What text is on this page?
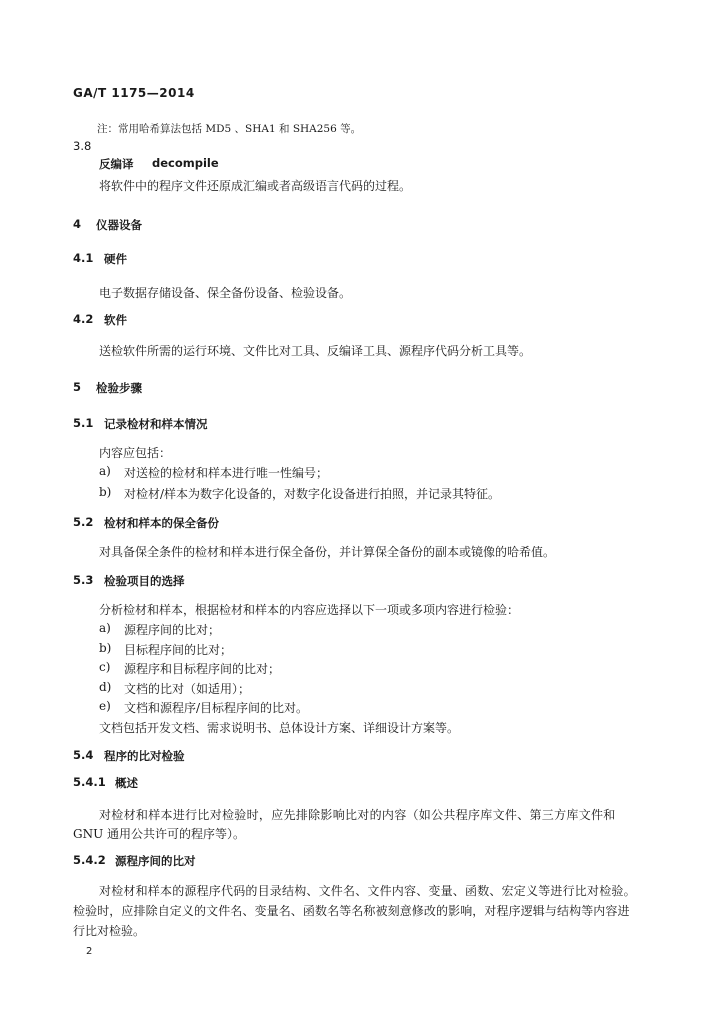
GA/T 1175—2014
注：常用哈希算法包括 MD5 、SHA1 和 SHA256 等。
3.8
反编译 decompile
将软件中的程序文件还原成汇编或者高级语言代码的过程。
4 仪器设备
4.1 硬件
电子数据存储设备、保全备份设备、检验设备。
4.2 软件
送检软件所需的运行环境、文件比对工具、反编译工具、源程序代码分析工具等。
5 检验步骤
5.1 记录检材和样本情况
内容应包括：
a) 对送检的检材和样本进行唯一性编号；
b) 对检材/样本为数字化设备的，对数字化设备进行拍照，并记录其特征。
5.2 检材和样本的保全备份
对具备保全条件的检材和样本进行保全备份，并计算保全备份的副本或镜像的哈希值。
5.3 检验项目的选择
分析检材和样本，根据检材和样本的内容应选择以下一项或多项内容进行检验：
a) 源程序间的比对；
b) 目标程序间的比对；
c) 源程序和目标程序间的比对；
d) 文档的比对（如适用）；
e) 文档和源程序/目标程序间的比对。
文档包括开发文档、需求说明书、总体设计方案、详细设计方案等。
5.4 程序的比对检验
5.4.1 概述
对检材和样本进行比对检验时，应先排除影响比对的内容（如公共程序库文件、第三方库文件和
GNU 通用公共许可的程序等）。
5.4.2 源程序间的比对
对检材和样本的源程序代码的目录结构、文件名、文件内容、变量、函数、宏定义等进行比对检验。
检验时，应排除自定义的文件名、变量名、函数名等名称被刻意修改的影响，对程序逻辑与结构等内容进
行比对检验。
2
